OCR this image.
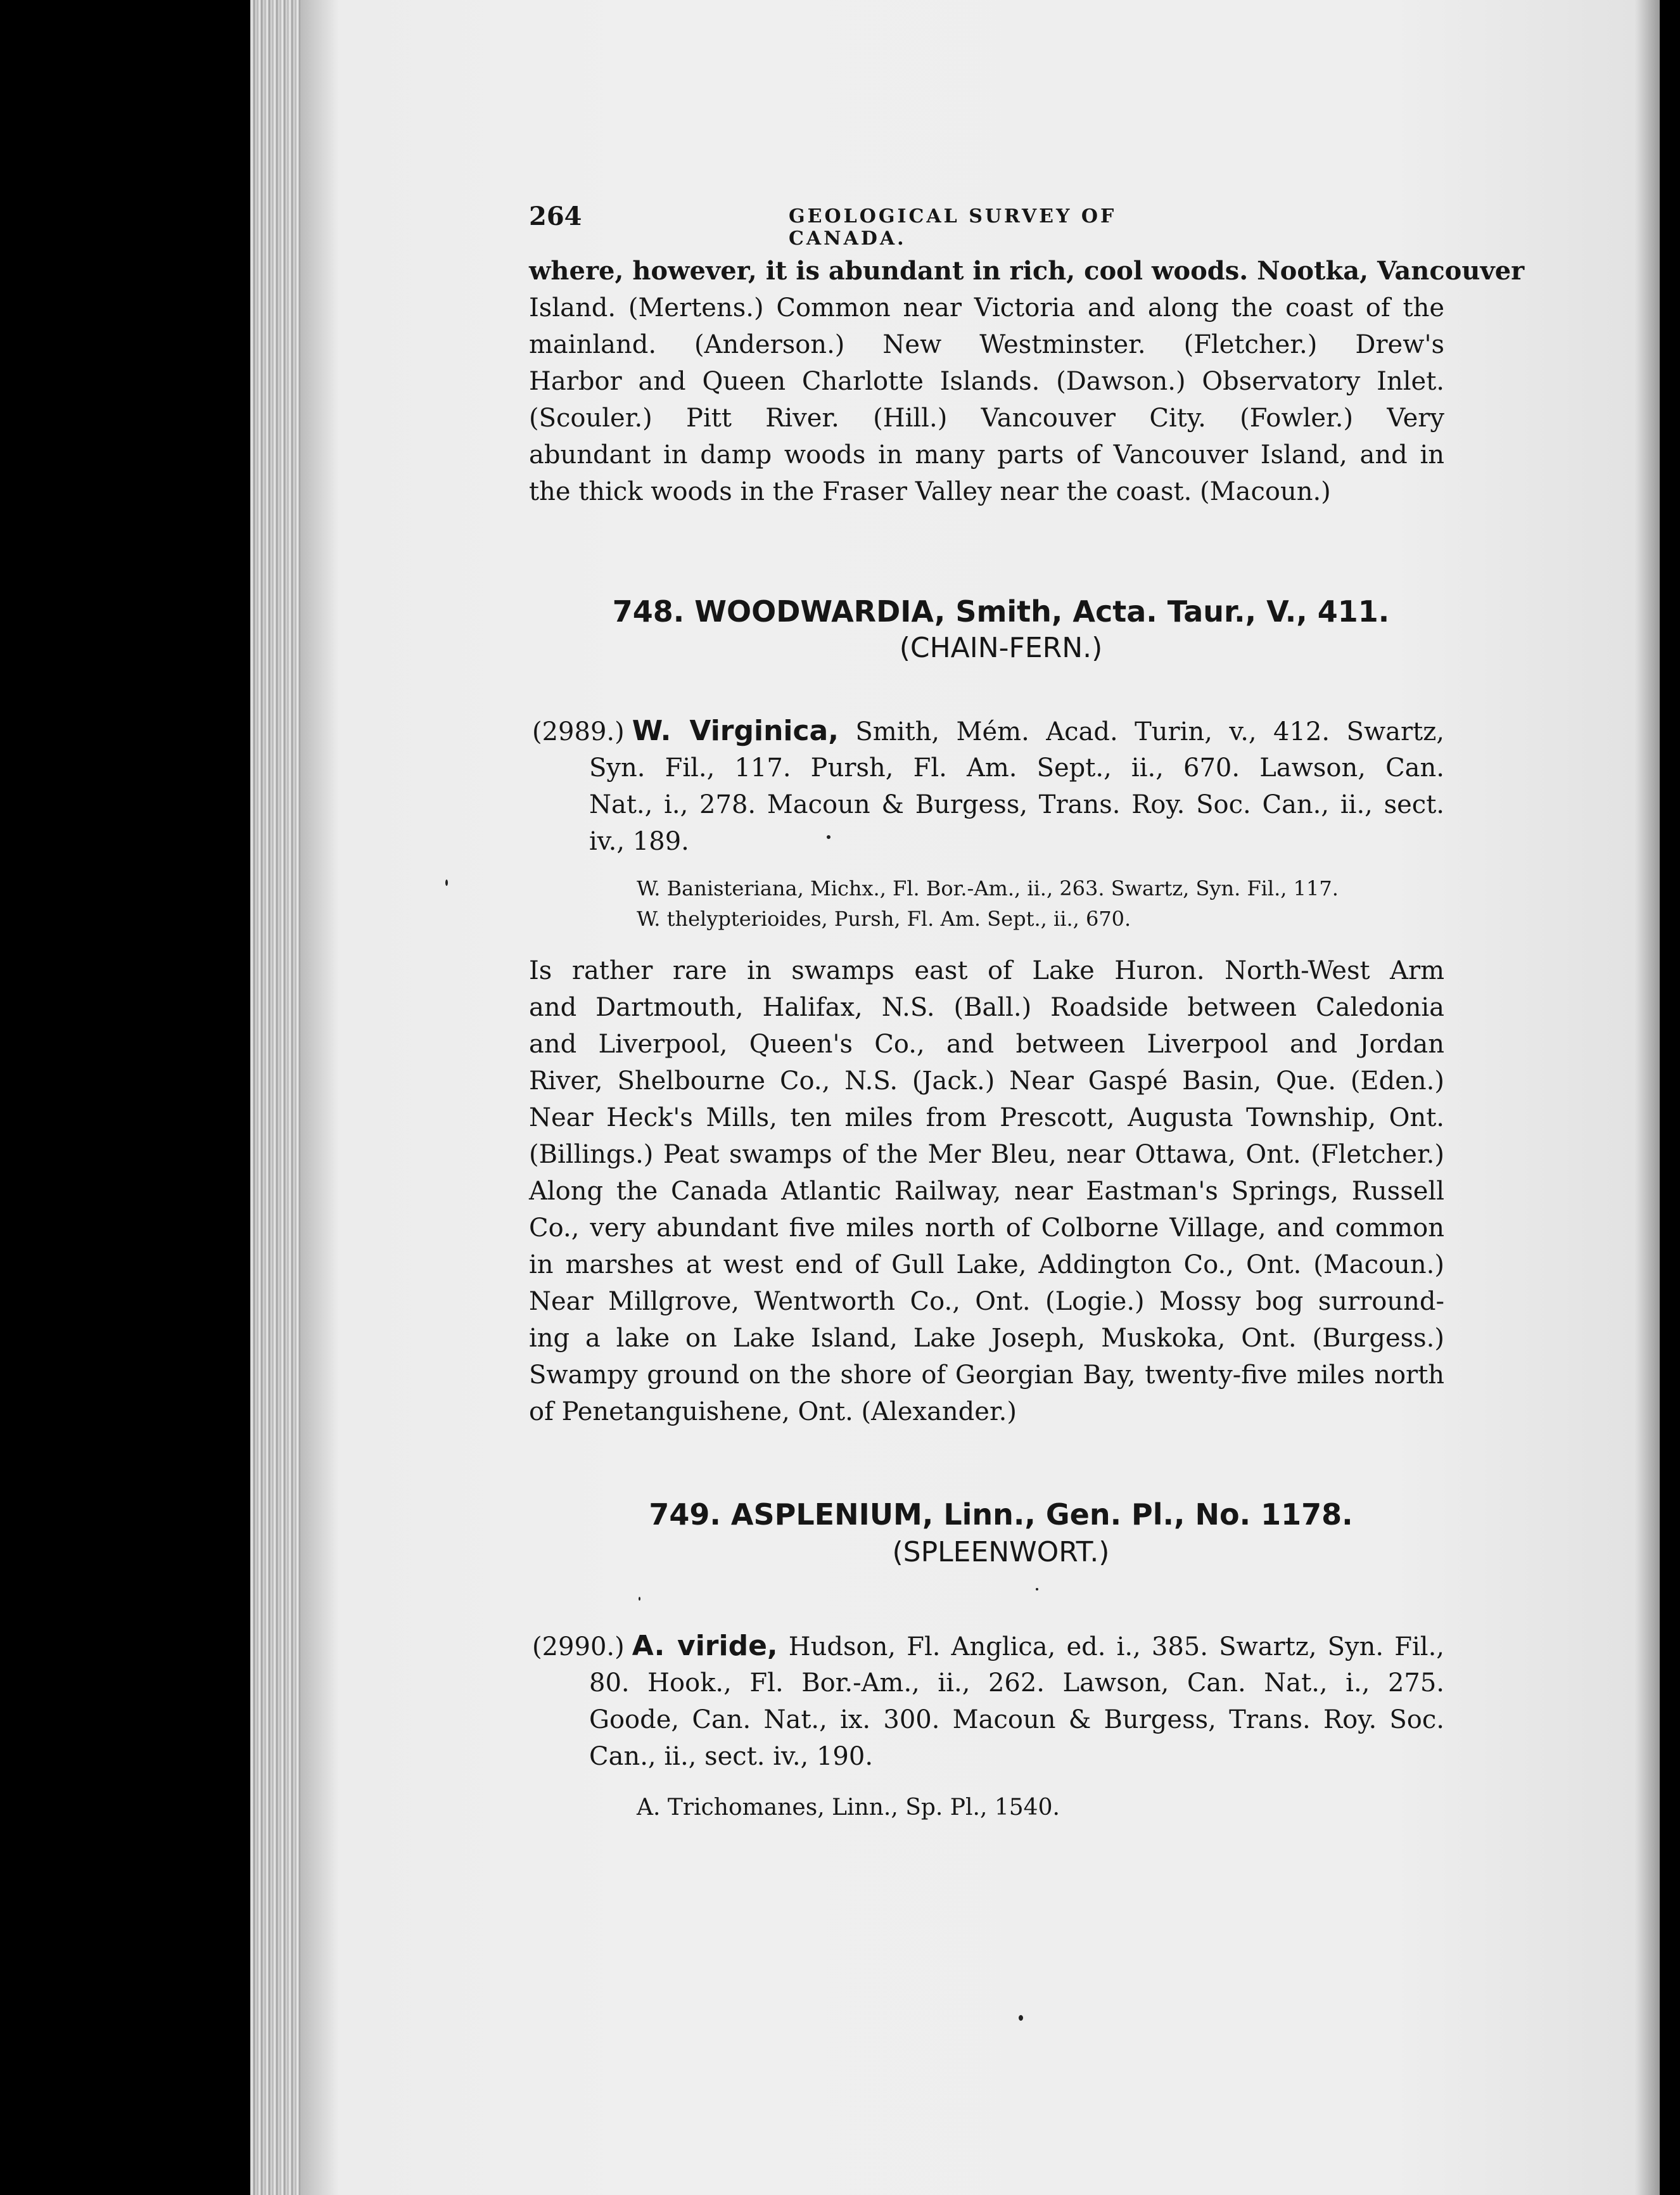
264	GEOLOGICAL SURVEY OF CANADA.
where, however, it is abundant in rich, cool woods. Nootka, Vancouver
Island. (Mertens.) Common near Victoria and along the coast of the
mainland. (Anderson.) New Westminster. (Fletcher.) Drew's
Harbor and Queen Charlotte Islands. (Dawson.) Observatory Inlet.
(Scouler.) Pitt River. (Hill.) Vancouver City. (Fowler.) Very
abundant in damp woods in many parts of Vancouver Island, and in
the thick woods in the Fraser Valley near the coast. (Macoun.)
748. WOODWARDIA, Smith, Acta. Taur., V., 411.
(CHAIN-FERN.)
(2989.) W. Virginica, Smith, Mém. Acad. Turin, v., 412. Swartz,
Syn. Fil., 117. Pursh, Fl. Am. Sept., ii., 670. Lawson, Can.
Nat., i., 278. Macoun & Burgess, Trans. Roy. Soc. Can., ii., sect.
iv., 189.
W. Banisteriana, Michx., Fl. Bor.-Am., ii., 263. Swartz, Syn. Fil., 117.
W. thelypterioides, Pursh, Fl. Am. Sept., ii., 670.
Is rather rare in swamps east of Lake Huron. North-West Arm
and Dartmouth, Halifax, N.S. (Ball.) Roadside between Caledonia
and Liverpool, Queen's Co., and between Liverpool and Jordan
River, Shelbourne Co., N.S. (Jack.) Near Gaspé Basin, Que. (Eden.)
Near Heck's Mills, ten miles from Prescott, Augusta Township, Ont.
(Billings.) Peat swamps of the Mer Bleu, near Ottawa, Ont. (Fletcher.)
Along the Canada Atlantic Railway, near Eastman's Springs, Russell
Co., very abundant five miles north of Colborne Village, and common
in marshes at west end of Gull Lake, Addington Co., Ont. (Macoun.)
Near Millgrove, Wentworth Co., Ont. (Logie.) Mossy bog surround-
ing a lake on Lake Island, Lake Joseph, Muskoka, Ont. (Burgess.)
Swampy ground on the shore of Georgian Bay, twenty-five miles north
of Penetanguishene, Ont. (Alexander.)
749. ASPLENIUM, Linn., Gen. Pl., No. 1178.
(SPLEENWORT.)
(2990.) A. viride, Hudson, Fl. Anglica, ed. i., 385. Swartz, Syn. Fil.,
80. Hook., Fl. Bor.-Am., ii., 262. Lawson, Can. Nat., i., 275.
Goode, Can. Nat., ix. 300. Macoun & Burgess, Trans. Roy. Soc.
Can., ii., sect. iv., 190.
A. Trichomanes, Linn., Sp. Pl., 1540.
